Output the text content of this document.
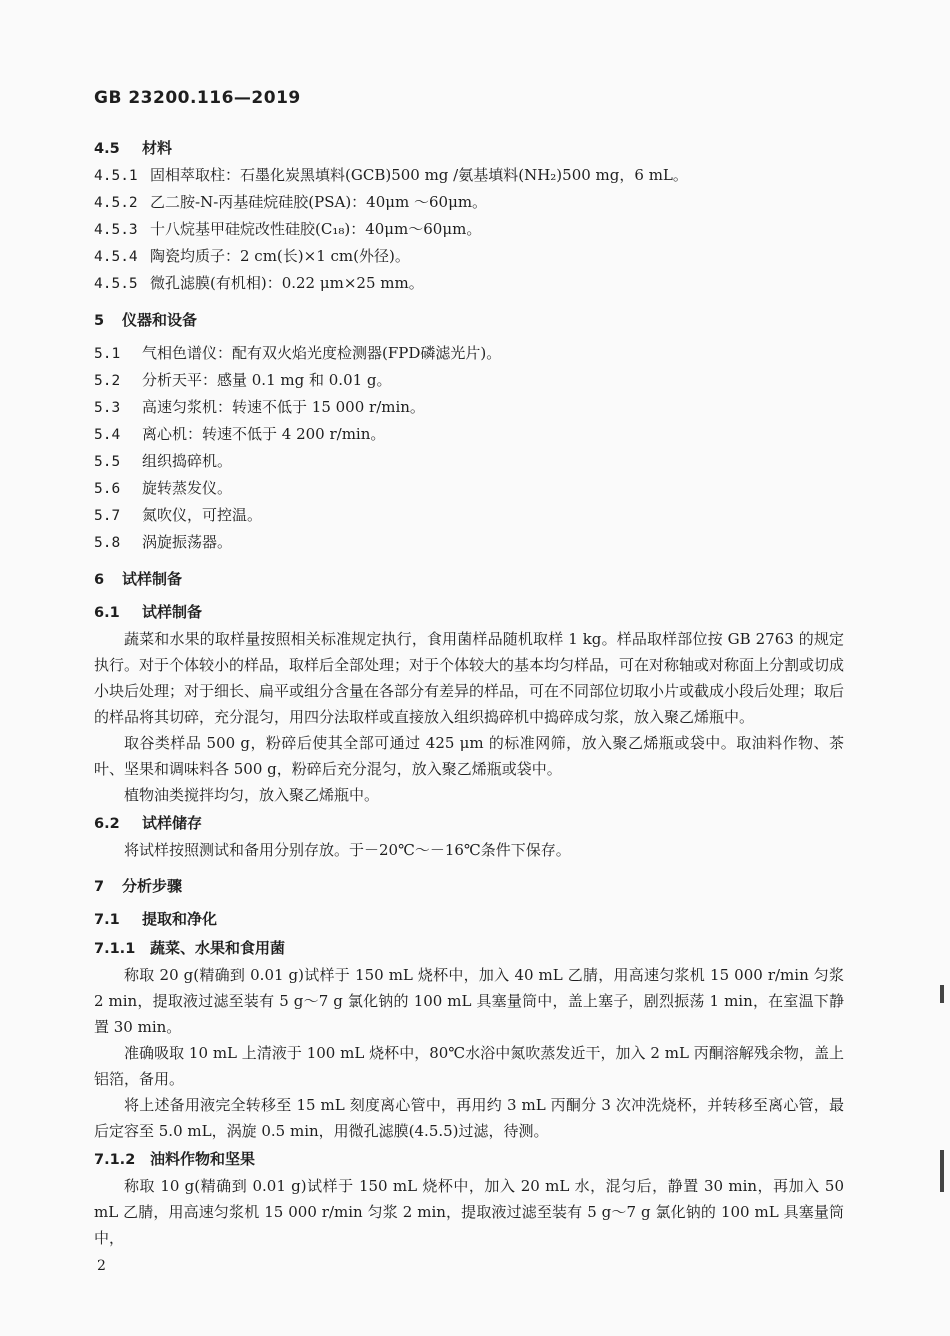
GB 23200.116—2019
4.5	材料
4.5.1 固相萃取柱：石墨化炭黑填料(GCB)500 mg /氨基填料(NH₂)500 mg，6 mL。
4.5.2 乙二胺-N-丙基硅烷硅胶(PSA)：40μm ～60μm。
4.5.3 十八烷基甲硅烷改性硅胶(C₁₈)：40μm～60μm。
4.5.4 陶瓷均质子：2 cm(长)×1 cm(外径)。
4.5.5 微孔滤膜(有机相)：0.22 μm×25 mm。
5	仪器和设备
5.1	气相色谱仪：配有双火焰光度检测器(FPD磷滤光片)。
5.2	分析天平：感量 0.1 mg 和 0.01 g。
5.3	高速匀浆机：转速不低于 15 000 r/min。
5.4	离心机：转速不低于 4 200 r/min。
5.5	组织捣碎机。
5.6	旋转蒸发仪。
5.7	氮吹仪，可控温。
5.8	涡旋振荡器。
6	试样制备
6.1	试样制备

蔬菜和水果的取样量按照相关标准规定执行，食用菌样品随机取样 1 kg。样品取样部位按 GB 2763 的规定执行。对于个体较小的样品，取样后全部处理；对于个体较大的基本均匀样品，可在对称轴或对称面上分割或切成小块后处理；对于细长、扁平或组分含量在各部分有差异的样品，可在不同部位切取小片或截成小段后处理；取后的样品将其切碎，充分混匀，用四分法取样或直接放入组织捣碎机中捣碎成匀浆，放入聚乙烯瓶中。

取谷类样品 500 g，粉碎后使其全部可通过 425 μm 的标准网筛，放入聚乙烯瓶或袋中。取油料作物、茶叶、坚果和调味料各 500 g，粉碎后充分混匀，放入聚乙烯瓶或袋中。

植物油类搅拌均匀，放入聚乙烯瓶中。

6.2	试样储存

将试样按照测试和备用分别存放。于－20℃～－16℃条件下保存。

7	分析步骤
7.1	提取和净化
7.1.1 蔬菜、水果和食用菌

称取 20 g(精确到 0.01 g)试样于 150 mL 烧杯中，加入 40 mL 乙腈，用高速匀浆机 15 000 r/min 匀浆 2 min，提取液过滤至装有 5 g～7 g 氯化钠的 100 mL 具塞量筒中，盖上塞子，剧烈振荡 1 min，在室温下静置 30 min。

准确吸取 10 mL 上清液于 100 mL 烧杯中，80℃水浴中氮吹蒸发近干，加入 2 mL 丙酮溶解残余物，盖上铝箔，备用。

将上述备用液完全转移至 15 mL 刻度离心管中，再用约 3 mL 丙酮分 3 次冲洗烧杯，并转移至离心管，最后定容至 5.0 mL，涡旋 0.5 min，用微孔滤膜(4.5.5)过滤，待测。

7.1.2 油料作物和坚果

称取 10 g(精确到 0.01 g)试样于 150 mL 烧杯中，加入 20 mL 水，混匀后，静置 30 min，再加入 50 mL 乙腈，用高速匀浆机 15 000 r/min 匀浆 2 min，提取液过滤至装有 5 g～7 g 氯化钠的 100 mL 具塞量筒中，

2
